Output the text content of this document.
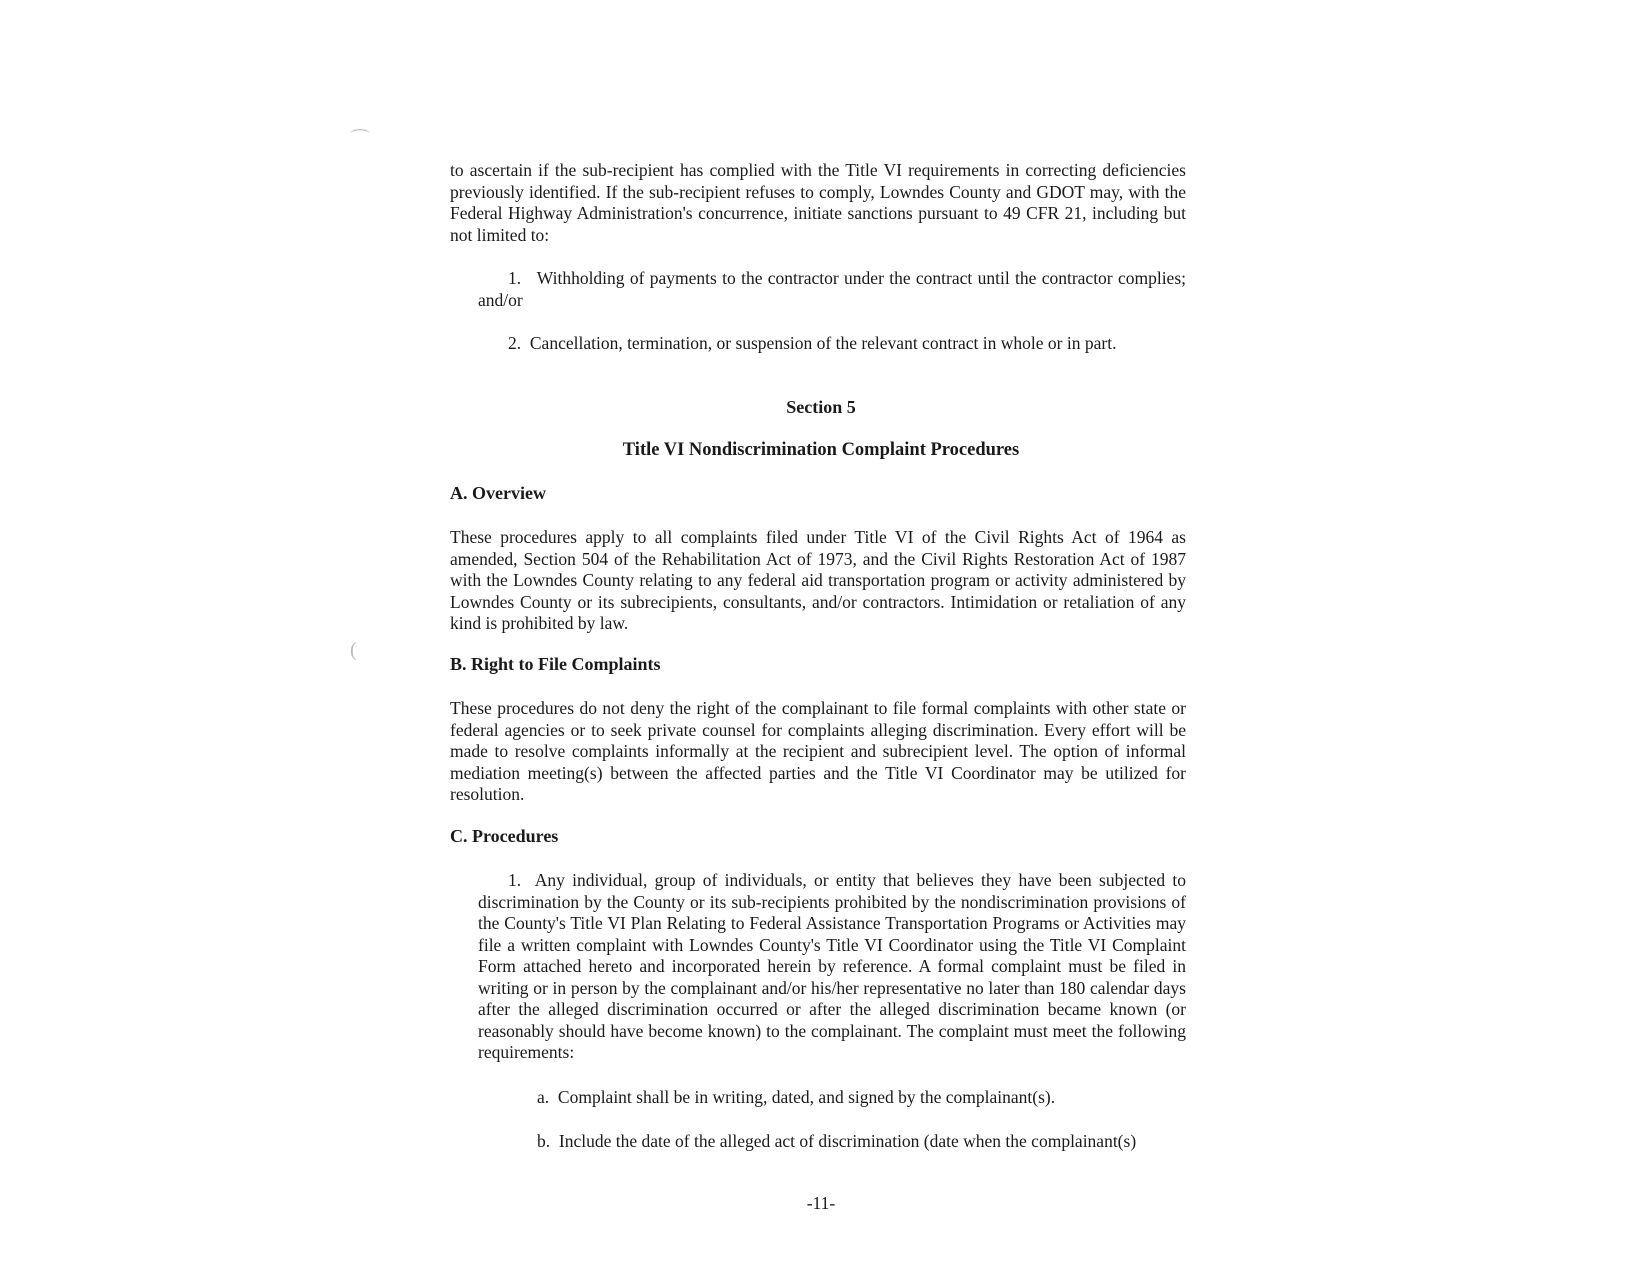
⌒
(

to ascertain if the sub-recipient has complied with the Title VI requirements in correcting deficiencies previously identified. If the sub-recipient refuses to comply, Lowndes County and GDOT may, with the Federal Highway Administration's concurrence, initiate sanctions pursuant to 49 CFR 21, including but not limited to:

1. Withholding of payments to the contractor under the contract until the contractor complies; and/or

2. Cancellation, termination, or suspension of the relevant contract in whole or in part.

Section 5
Title VI Nondiscrimination Complaint Procedures
A. Overview

These procedures apply to all complaints filed under Title VI of the Civil Rights Act of 1964 as amended, Section 504 of the Rehabilitation Act of 1973, and the Civil Rights Restoration Act of 1987 with the Lowndes County relating to any federal aid transportation program or activity administered by Lowndes County or its subrecipients, consultants, and/or contractors. Intimidation or retaliation of any kind is prohibited by law.

B. Right to File Complaints

These procedures do not deny the right of the complainant to file formal complaints with other state or federal agencies or to seek private counsel for complaints alleging discrimination. Every effort will be made to resolve complaints informally at the recipient and subrecipient level. The option of informal mediation meeting(s) between the affected parties and the Title VI Coordinator may be utilized for resolution.

C. Procedures

1. Any individual, group of individuals, or entity that believes they have been subjected to discrimination by the County or its sub-recipients prohibited by the nondiscrimination provisions of the County's Title VI Plan Relating to Federal Assistance Transportation Programs or Activities may file a written complaint with Lowndes County's Title VI Coordinator using the Title VI Complaint Form attached hereto and incorporated herein by reference. A formal complaint must be filed in writing or in person by the complainant and/or his/her representative no later than 180 calendar days after the alleged discrimination occurred or after the alleged discrimination became known (or reasonably should have become known) to the complainant. The complaint must meet the following requirements:

a. Complaint shall be in writing, dated, and signed by the complainant(s).
b. Include the date of the alleged act of discrimination (date when the complainant(s)
-11-
